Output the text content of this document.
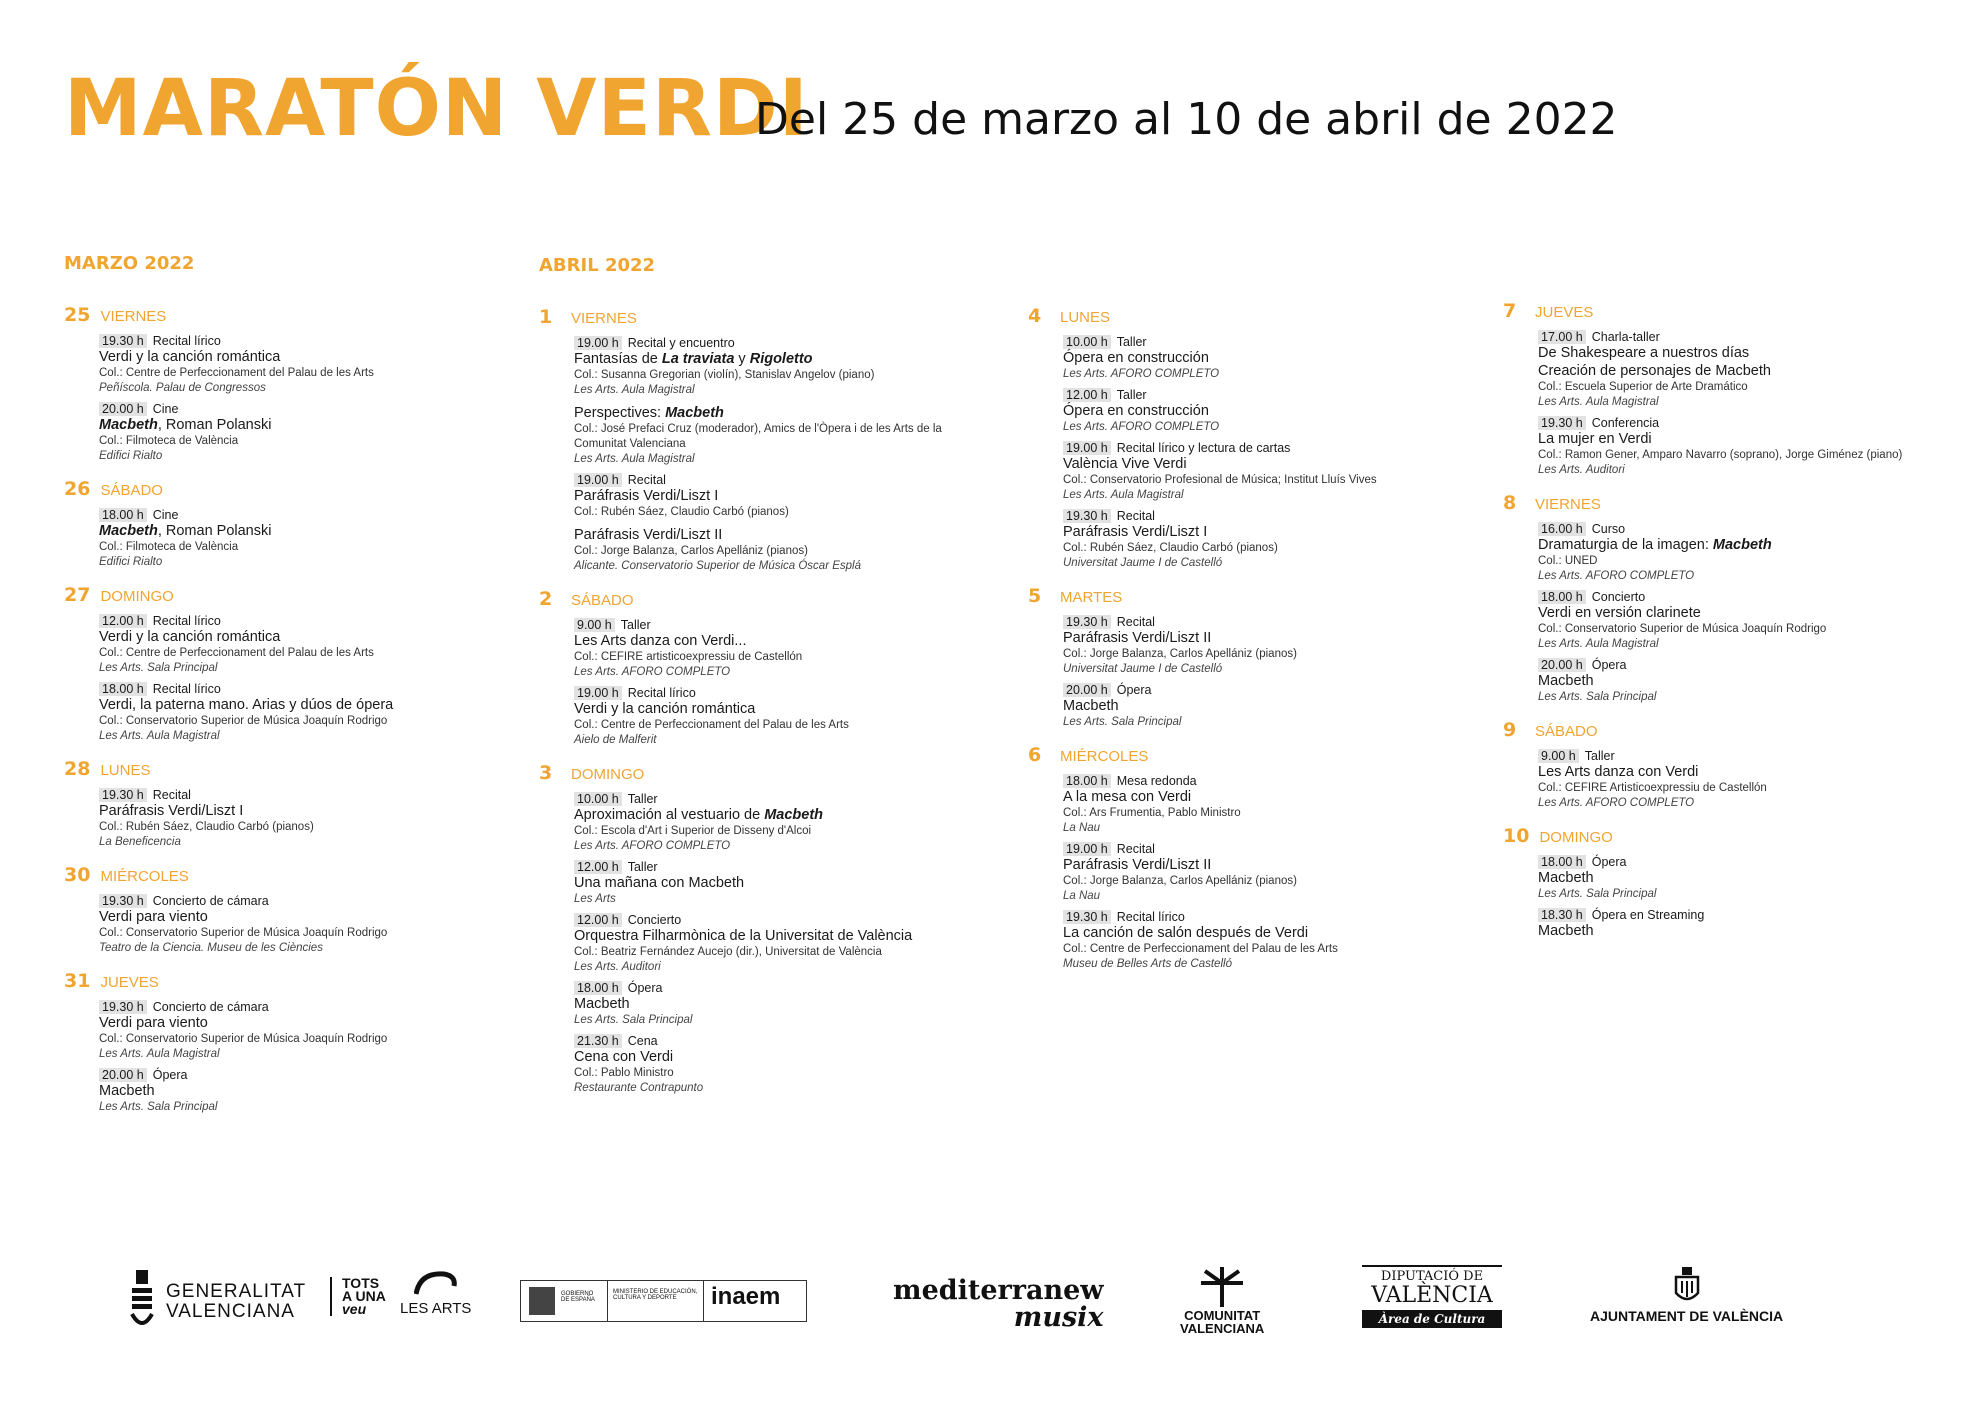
MARATÓN VERDI
Del 25 de marzo al 10 de abril de 2022
MARZO 2022
25 VIERNES
19.30 h Recital lírico
Verdi y la canción romántica
Col.: Centre de Perfeccionament del Palau de les Arts
Peñíscola. Palau de Congressos
20.00 h Cine
Macbeth, Roman Polanski
Col.: Filmoteca de València
Edifici Rialto
26 SÁBADO
18.00 h Cine
Macbeth, Roman Polanski
Col.: Filmoteca de València
Edifici Rialto
27 DOMINGO
12.00 h Recital lírico
Verdi y la canción romántica
Col.: Centre de Perfeccionament del Palau de les Arts
Les Arts. Sala Principal
18.00 h Recital lírico
Verdi, la paterna mano. Arias y dúos de ópera
Col.: Conservatorio Superior de Música Joaquín Rodrigo
Les Arts. Aula Magistral
28 LUNES
19.30 h Recital
Paráfrasis Verdi/Liszt I
Col.: Rubén Sáez, Claudio Carbó (pianos)
La Beneficencia
30 MIÉRCOLES
19.30 h Concierto de cámara
Verdi para viento
Col.: Conservatorio Superior de Música Joaquín Rodrigo
Teatro de la Ciencia. Museu de les Ciències
31 JUEVES
19.30 h Concierto de cámara
Verdi para viento
Col.: Conservatorio Superior de Música Joaquín Rodrigo
Les Arts. Aula Magistral
20.00 h Ópera
Macbeth
Les Arts. Sala Principal
ABRIL 2022
1 VIERNES
19.00 h Recital y encuentro
Fantasías de La traviata y Rigoletto
Col.: Susanna Gregorian (violín), Stanislav Angelov (piano)
Les Arts. Aula Magistral
Perspectives: Macbeth
Col.: José Prefaci Cruz (moderador), Amics de l'Òpera i de les Arts de la Comunitat Valenciana
Les Arts. Aula Magistral
19.00 h Recital
Paráfrasis Verdi/Liszt I
Col.: Rubén Sáez, Claudio Carbó (pianos)
Paráfrasis Verdi/Liszt II
Col.: Jorge Balanza, Carlos Apellániz (pianos)
Alicante. Conservatorio Superior de Música Óscar Esplá
2 SÁBADO
9.00 h Taller
Les Arts danza con Verdi...
Col.: CEFIRE artisticoexpressiu de Castellón
Les Arts. AFORO COMPLETO
19.00 h Recital lírico
Verdi y la canción romántica
Col.: Centre de Perfeccionament del Palau de les Arts
Aielo de Malferit
3 DOMINGO
10.00 h Taller
Aproximación al vestuario de Macbeth
Col.: Escola d'Art i Superior de Disseny d'Alcoi
Les Arts. AFORO COMPLETO
12.00 h Taller
Una mañana con Macbeth
Les Arts
12.00 h Concierto
Orquestra Filharmònica de la Universitat de València
Col.: Beatriz Fernández Aucejo (dir.), Universitat de València
Les Arts. Auditori
18.00 h Ópera
Macbeth
Les Arts. Sala Principal
21.30 h Cena
Cena con Verdi
Col.: Pablo Ministro
Restaurante Contrapunto
4 LUNES
10.00 h Taller
Ópera en construcción
Les Arts. AFORO COMPLETO
12.00 h Taller
Ópera en construcción
Les Arts. AFORO COMPLETO
19.00 h Recital lírico y lectura de cartas
València Vive Verdi
Col.: Conservatorio Profesional de Música; Institut Lluís Vives
Les Arts. Aula Magistral
19.30 h Recital
Paráfrasis Verdi/Liszt I
Col.: Rubén Sáez, Claudio Carbó (pianos)
Universitat Jaume I de Castelló
5 MARTES
19.30 h Recital
Paráfrasis Verdi/Liszt II
Col.: Jorge Balanza, Carlos Apellániz (pianos)
Universitat Jaume I de Castelló
20.00 h Ópera
Macbeth
Les Arts. Sala Principal
6 MIÉRCOLES
18.00 h Mesa redonda
A la mesa con Verdi
Col.: Ars Frumentia, Pablo Ministro
La Nau
19.00 h Recital
Paráfrasis Verdi/Liszt II
Col.: Jorge Balanza, Carlos Apellániz (pianos)
La Nau
19.30 h Recital lírico
La canción de salón después de Verdi
Col.: Centre de Perfeccionament del Palau de les Arts
Museu de Belles Arts de Castelló
7 JUEVES
17.00 h Charla-taller
De Shakespeare a nuestros días
Creación de personajes de Macbeth
Col.: Escuela Superior de Arte Dramático
Les Arts. Aula Magistral
19.30 h Conferencia
La mujer en Verdi
Col.: Ramon Gener, Amparo Navarro (soprano), Jorge Giménez (piano)
Les Arts. Auditori
8 VIERNES
16.00 h Curso
Dramaturgia de la imagen: Macbeth
Col.: UNED
Les Arts. AFORO COMPLETO
18.00 h Concierto
Verdi en versión clarinete
Col.: Conservatorio Superior de Música Joaquín Rodrigo
Les Arts. Aula Magistral
20.00 h Ópera
Macbeth
Les Arts. Sala Principal
9 SÁBADO
9.00 h Taller
Les Arts danza con Verdi
Col.: CEFIRE Artisticoexpressiu de Castellón
Les Arts. AFORO COMPLETO
10 DOMINGO
18.00 h Ópera
Macbeth
Les Arts. Sala Principal
18.30 h Ópera en Streaming
Macbeth
GENERALITAT
VALENCIANA
TOTS
A UNA
veu	LES ARTS
GOBIERNO DE ESPAÑA
MINISTERIO DE EDUCACIÓN, CULTURA Y DEPORTE	inaem	mediterranew
musix	COMUNITAT
VALENCIANA
DIPUTACIÓ DE
VALÈNCIA
Àrea de Cultura	AJUNTAMENT DE VALÈNCIA
